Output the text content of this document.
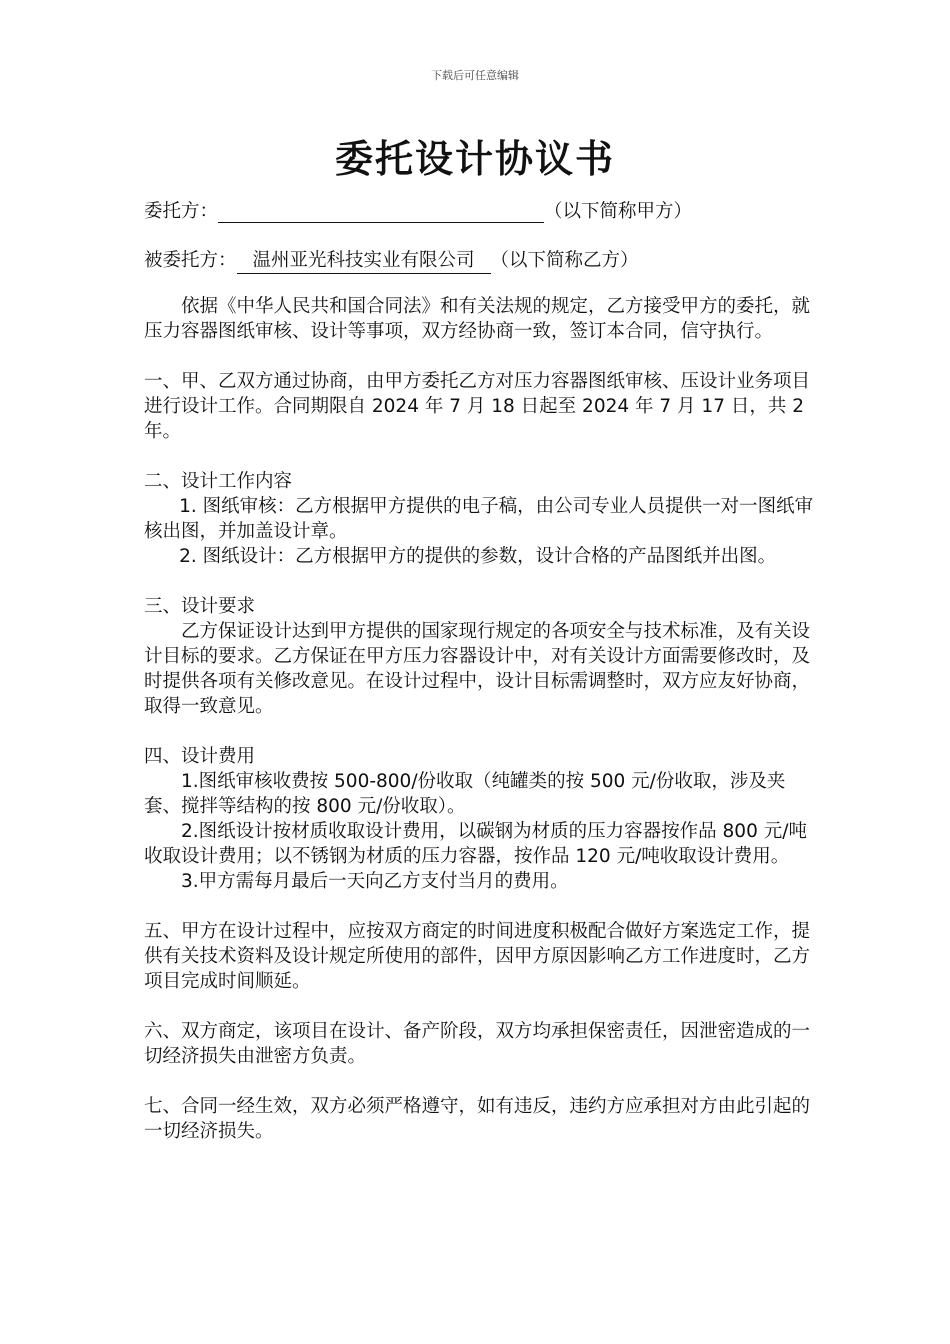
下载后可任意编辑
委托设计协议书
委托方：	（以下简称甲方）
被委托方： 温州亚光科技实业有限公司 （以下简称乙方）

依据《中华人民共和国合同法》和有关法规的规定，乙方接受甲方的委托，就压力容器图纸审核、设计等事项，双方经协商一致，签订本合同，信守执行。

一、甲、乙双方通过协商，由甲方委托乙方对压力容器图纸审核、压设计业务项目进行设计工作。合同期限自 2024 年 7 月 18 日起至 2024 年 7 月 17 日，共 2 年。

二、设计工作内容

1. 图纸审核：乙方根据甲方提供的电子稿，由公司专业人员提供一对一图纸审核出图，并加盖设计章。

2. 图纸设计：乙方根据甲方的提供的参数，设计合格的产品图纸并出图。

三、设计要求

乙方保证设计达到甲方提供的国家现行规定的各项安全与技术标准，及有关设计目标的要求。乙方保证在甲方压力容器设计中，对有关设计方面需要修改时，及时提供各项有关修改意见。在设计过程中，设计目标需调整时，双方应友好协商，取得一致意见。

四、设计费用

1.图纸审核收费按 500-800/份收取（纯罐类的按 500 元/份收取，涉及夹套、搅拌等结构的按 800 元/份收取）。

2.图纸设计按材质收取设计费用，以碳钢为材质的压力容器按作品 800 元/吨收取设计费用；以不锈钢为材质的压力容器，按作品 120 元/吨收取设计费用。

3.甲方需每月最后一天向乙方支付当月的费用。

五、甲方在设计过程中，应按双方商定的时间进度积极配合做好方案选定工作，提供有关技术资料及设计规定所使用的部件，因甲方原因影响乙方工作进度时，乙方项目完成时间顺延。

六、双方商定，该项目在设计、备产阶段，双方均承担保密责任，因泄密造成的一切经济损失由泄密方负责。

七、合同一经生效，双方必须严格遵守，如有违反，违约方应承担对方由此引起的一切经济损失。
